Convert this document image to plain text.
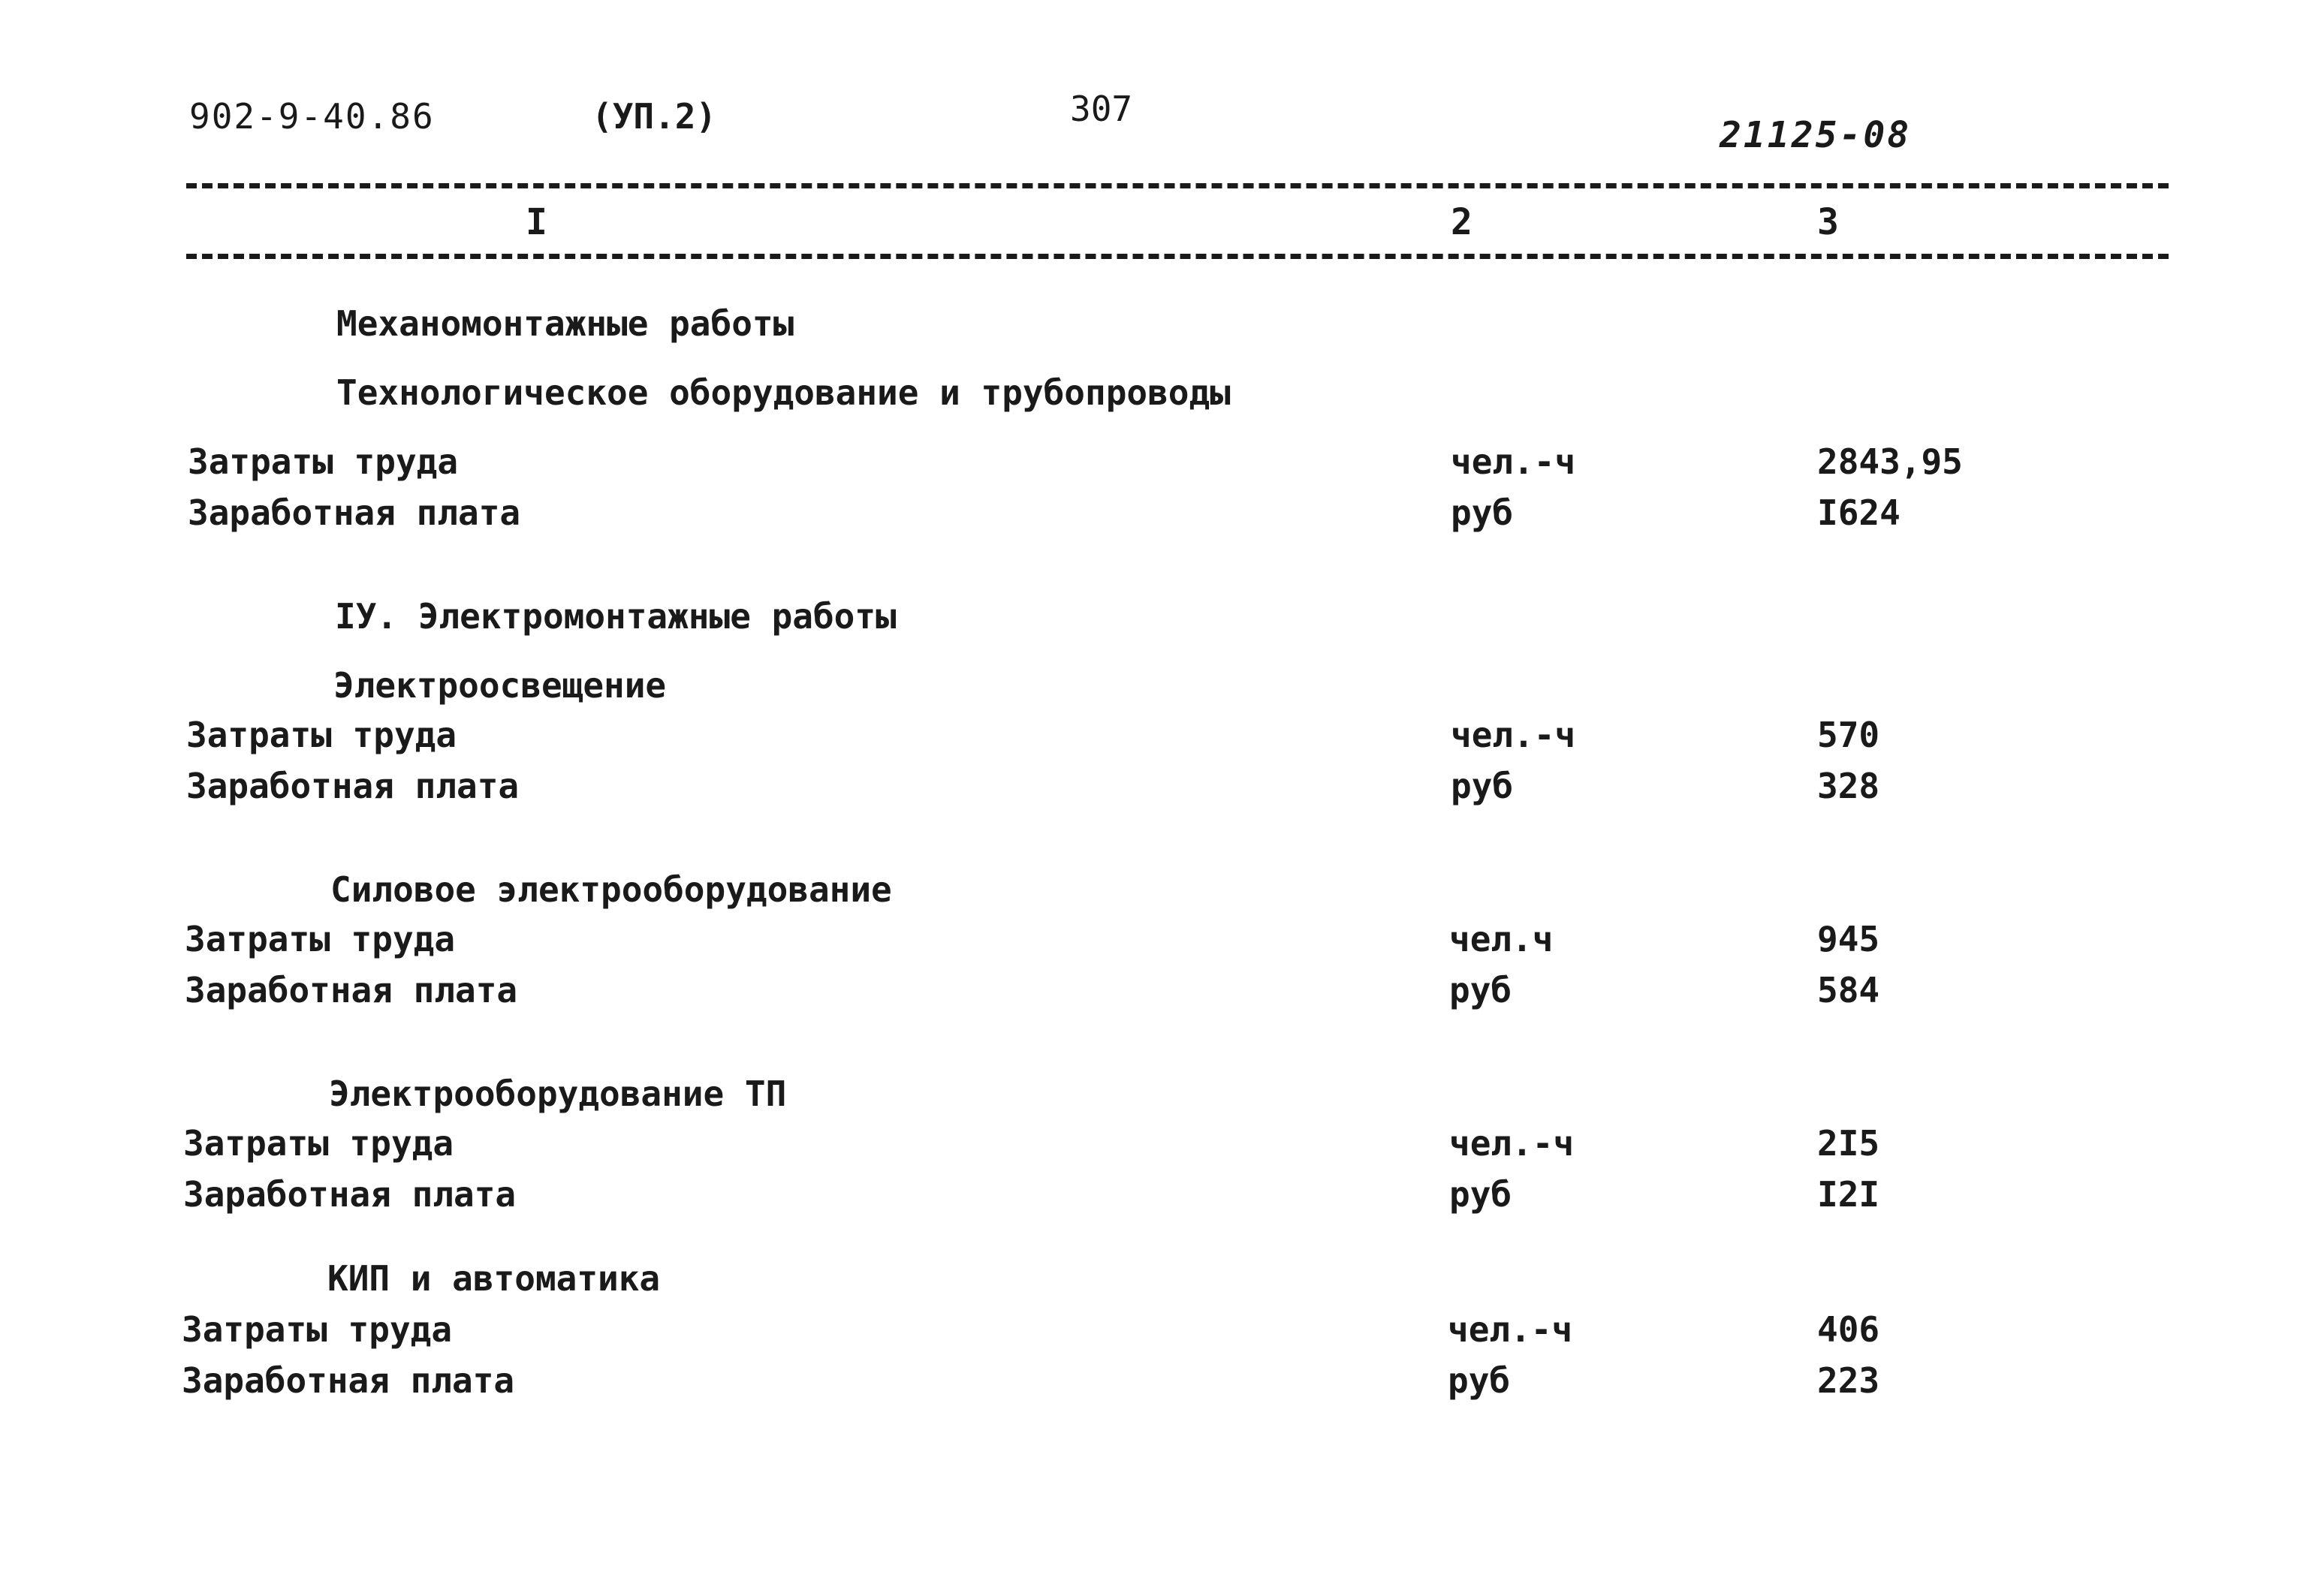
902-9-40.86	(УП.2)	307
21125-08
I	2	3
Механомонтажные работы
Технологическое оборудование и трубопроводы
Затраты труда	чел.-ч	2843,95
Заработная плата	руб	I624
IУ. Электромонтажные работы
Электроосвещение
Затраты труда	чел.-ч	570
Заработная плата	руб	328
Силовое электрооборудование
Затраты труда	чел.ч	945
Заработная плата	руб	584
Электрооборудование ТП
Затраты труда	чел.-ч	2I5
Заработная плата	руб	I2I
КИП и автоматика
Затраты труда	чел.-ч	406
Заработная плата	руб	223
